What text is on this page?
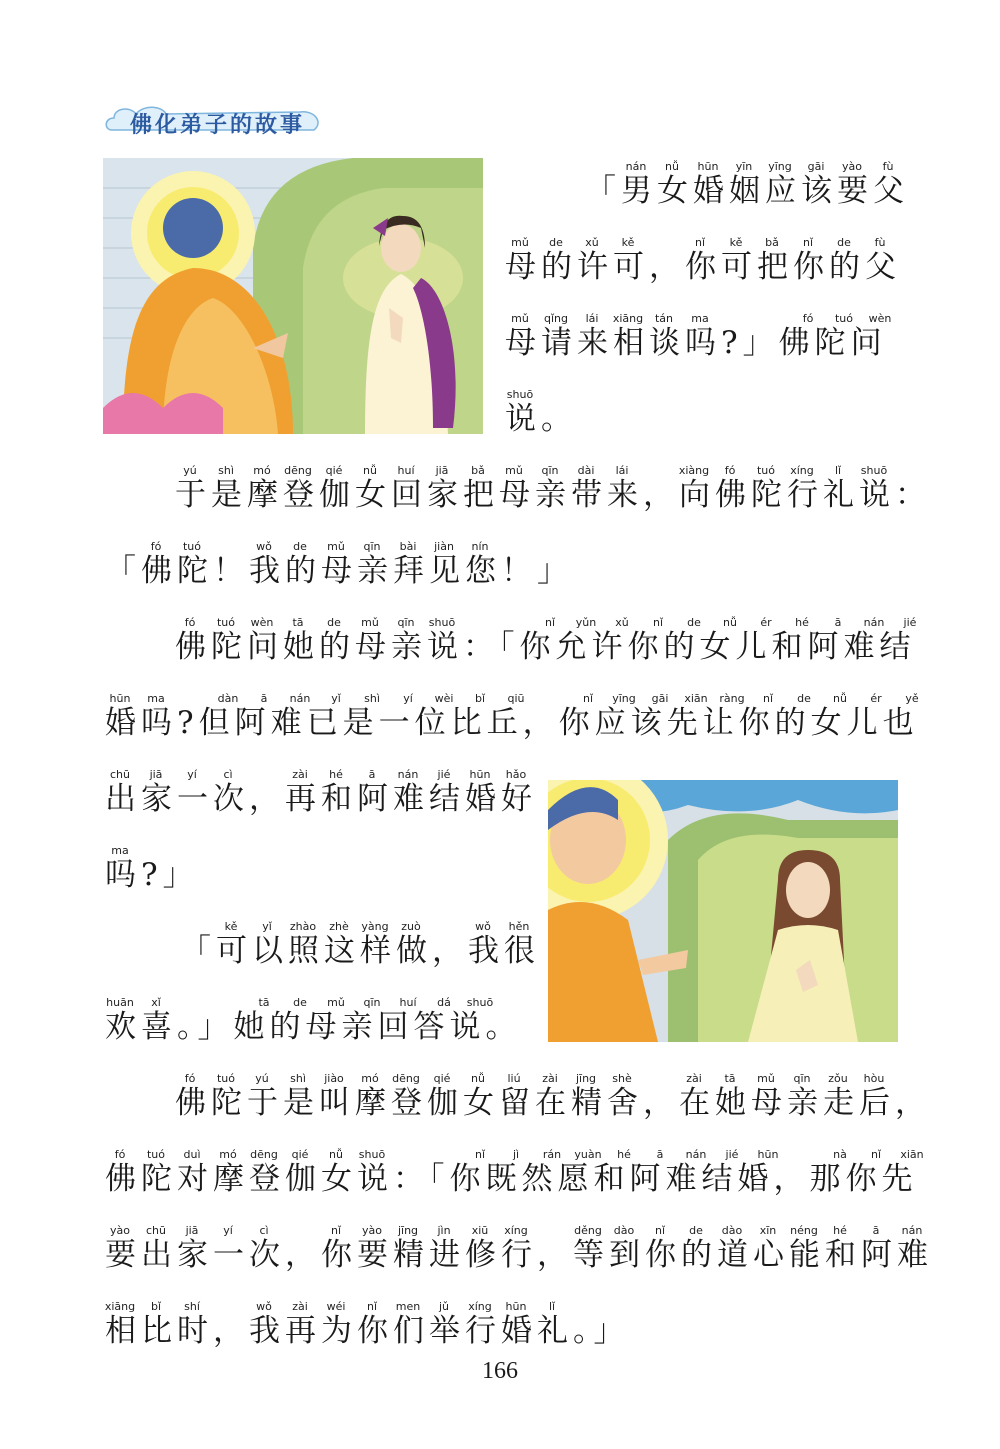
佛化弟子的故事
nán nǚ hūn yīn yīng gāi yào fù
「男女婚姻应该要父
mǔ de xǔ kě	nǐ kě bǎ nǐ de fù
母的许可，你可把你的父
mǔ qǐng lái xiāng tán ma	fó tuó wèn
母请来相谈吗?」佛陀问
shuō
说。
yú shì mó dēng qié nǚ huí jiā bǎ mǔ qīn dài lái	xiàng fó tuó xíng lǐ shuō
于是摩登伽女回家把母亲带来，向佛陀行礼说：
fó tuó	wǒ de mǔ qīn bài jiàn nín
「佛陀！我的母亲拜见您！」
fó tuó wèn tā de mǔ qīn shuō	nǐ yǔn xǔ nǐ de nǚ ér hé ā nán jié
佛陀问她的母亲说：「你允许你的女儿和阿难结
hūn ma	dàn ā nán yǐ shì yí wèi bǐ qiū	nǐ yīng gāi xiān ràng nǐ de nǚ ér yě
婚吗?但阿难已是一位比丘，你应该先让你的女儿也
chū jiā yí cì	zài hé ā nán jié hūn hǎo
出家一次，再和阿难结婚好
ma
吗?」
kě yǐ zhào zhè yàng zuò	wǒ hěn
「可以照这样做，我很
huān xǐ	tā de mǔ qīn huí dá shuō
欢喜。」她的母亲回答说。
fó tuó yú shì jiào mó dēng qié nǚ liú zài jīng shè	zài tā mǔ qīn zǒu hòu
佛陀于是叫摩登伽女留在精舍，在她母亲走后，
fó tuó duì mó dēng qié nǚ shuō	nǐ	jì rán yuàn hé ā nán jié hūn	nà nǐ xiān
佛陀对摩登伽女说：「你既然愿和阿难结婚，那你先
yào chū jiā yí cì	nǐ yào jīng jìn xiū xíng	děng dào nǐ de dào xīn néng hé ā nán
要出家一次，你要精进修行，等到你的道心能和阿难
xiāng bǐ shí	wǒ zài wéi nǐ men jǔ xíng hūn lǐ
相比时，我再为你们举行婚礼。」
166
